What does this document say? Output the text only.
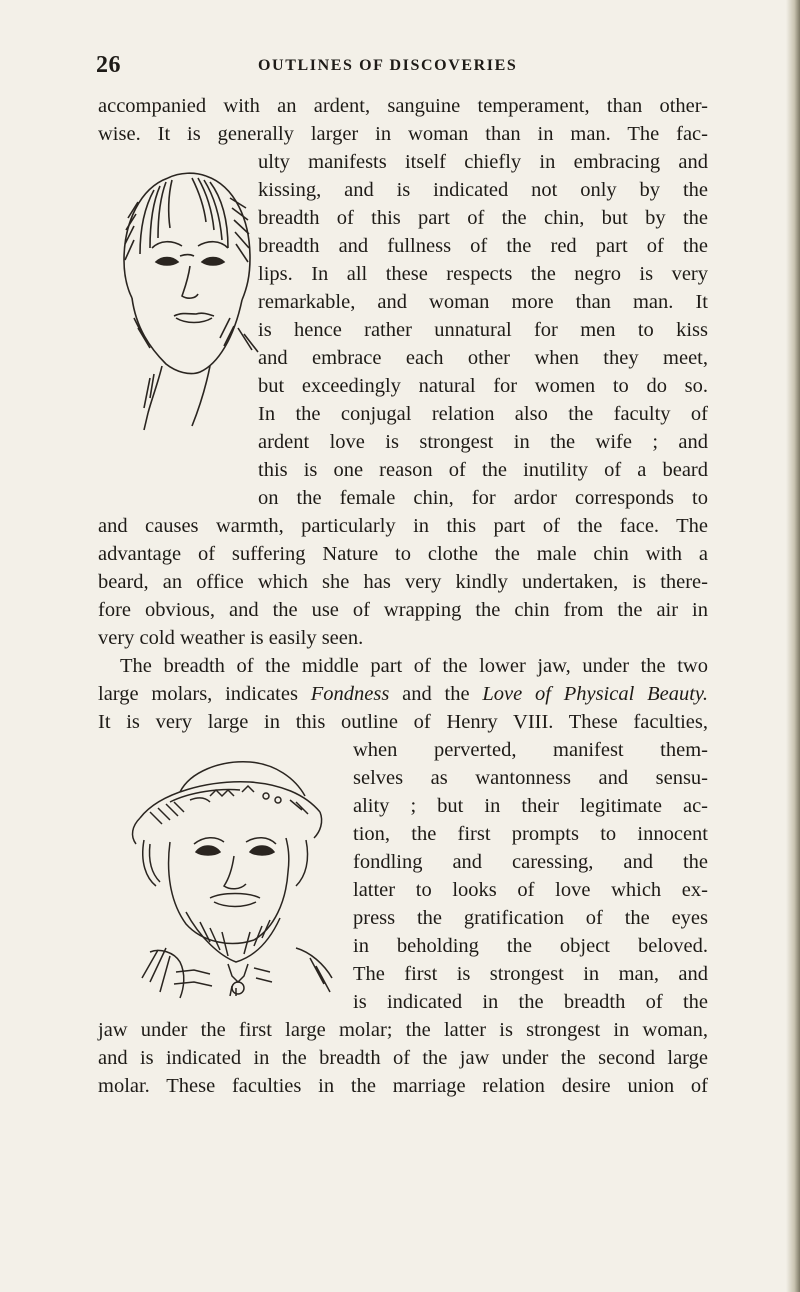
26	OUTLINES OF DISCOVERIES
accompanied with an ardent, sanguine temperament, than other-
wise. It is generally larger in woman than in man. The fac-
ulty manifests itself chiefly in embracing and
kissing, and is indicated not only by the
breadth of this part of the chin, but by the
breadth and fullness of the red part of the
lips. In all these respects the negro is very
remarkable, and woman more than man. It
is hence rather unnatural for men to kiss
and embrace each other when they meet,
but exceedingly natural for women to do so.
In the conjugal relation also the faculty of
ardent love is strongest in the wife ; and
this is one reason of the inutility of a beard
on the female chin, for ardor corresponds to
and causes warmth, particularly in this part of the face. The
advantage of suffering Nature to clothe the male chin with a
beard, an office which she has very kindly undertaken, is there-
fore obvious, and the use of wrapping the chin from the air in
very cold weather is easily seen.
The breadth of the middle part of the lower jaw, under the two
large molars, indicates Fondness and the Love of Physical Beauty.
It is very large in this outline of Henry VIII. These faculties,
when perverted, manifest them-
selves as wantonness and sensu-
ality ; but in their legitimate ac-
tion, the first prompts to innocent
fondling and caressing, and the
latter to looks of love which ex-
press the gratification of the eyes
in beholding the object beloved.
The first is strongest in man, and
is indicated in the breadth of the
jaw under the first large molar; the latter is strongest in woman,
and is indicated in the breadth of the jaw under the second large
molar. These faculties in the marriage relation desire union of
